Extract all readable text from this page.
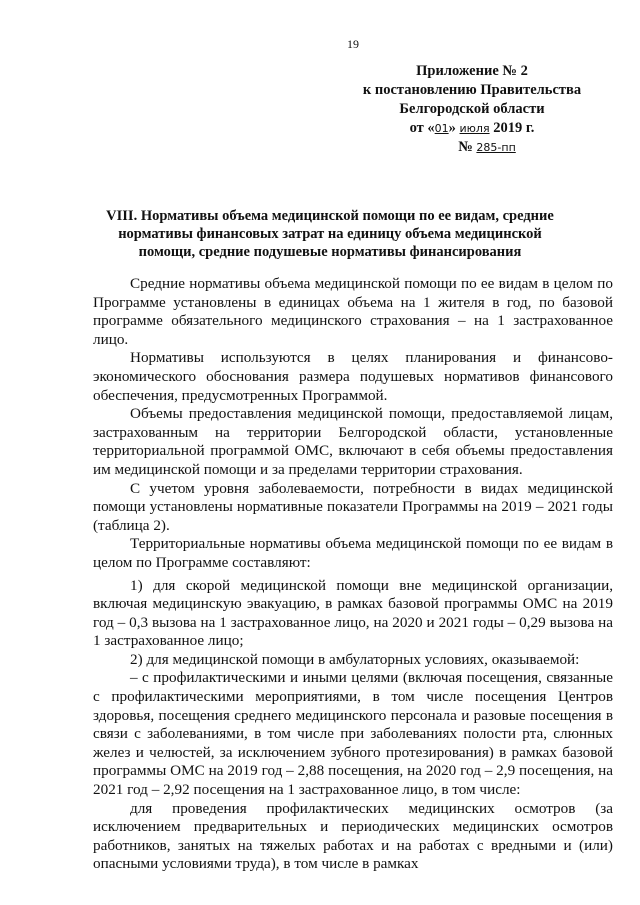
19
Приложение № 2
к постановлению Правительства
Белгородской области
от «01» июля 2019 г.
№ 285-пп
VIII. Нормативы объема медицинской помощи по ее видам, средние нормативы финансовых затрат на единицу объема медицинской помощи, средние подушевые нормативы финансирования

Средние нормативы объема медицинской помощи по ее видам в целом по Программе установлены в единицах объема на 1 жителя в год, по базовой программе обязательного медицинского страхования – на 1 застрахованное лицо.

Нормативы используются в целях планирования и финансово-экономического обоснования размера подушевых нормативов финансового обеспечения, предусмотренных Программой.

Объемы предоставления медицинской помощи, предоставляемой лицам, застрахованным на территории Белгородской области, установленные территориальной программой ОМС, включают в себя объемы предоставления им медицинской помощи и за пределами территории страхования.

С учетом уровня заболеваемости, потребности в видах медицинской помощи установлены нормативные показатели Программы на 2019 – 2021 годы (таблица 2).

Территориальные нормативы объема медицинской помощи по ее видам в целом по Программе составляют:

1) для скорой медицинской помощи вне медицинской организации, включая медицинскую эвакуацию, в рамках базовой программы ОМС на 2019 год – 0,3 вызова на 1 застрахованное лицо, на 2020 и 2021 годы – 0,29 вызова на 1 застрахованное лицо;

2) для медицинской помощи в амбулаторных условиях, оказываемой:

– с профилактическими и иными целями (включая посещения, связанные с профилактическими мероприятиями, в том числе посещения Центров здоровья, посещения среднего медицинского персонала и разовые посещения в связи с заболеваниями, в том числе при заболеваниях полости рта, слюнных желез и челюстей, за исключением зубного протезирования) в рамках базовой программы ОМС на 2019 год – 2,88 посещения, на 2020 год – 2,9 посещения, на 2021 год – 2,92 посещения на 1 застрахованное лицо, в том числе:

для проведения профилактических медицинских осмотров (за исключением предварительных и периодических медицинских осмотров работников, занятых на тяжелых работах и на работах с вредными и (или) опасными условиями труда), в том числе в рамках
